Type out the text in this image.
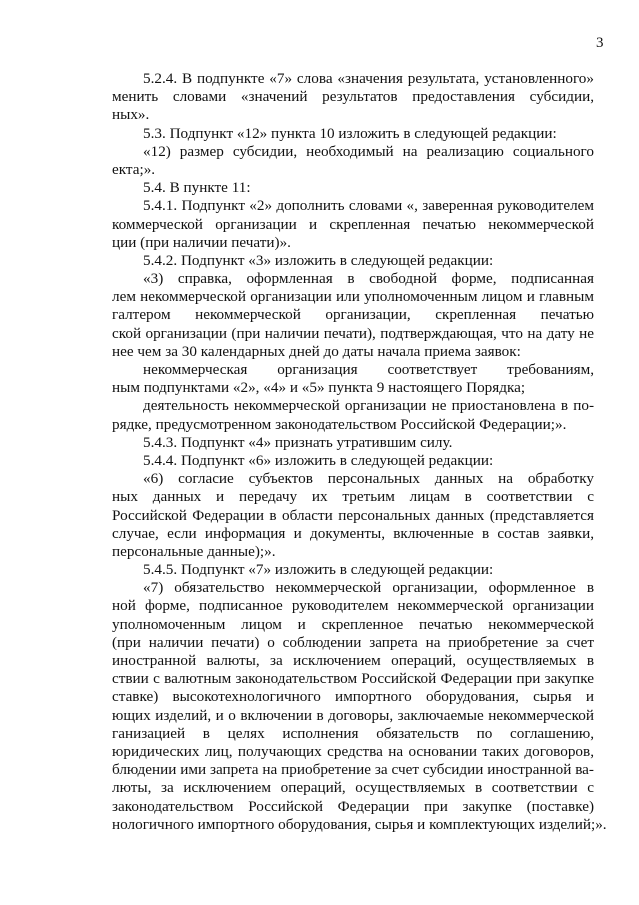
3
5.2.4. В подпункте «7» слова «значения результата, установленного»
менить словами «значений результатов предоставления субсидии,
ных».
5.3. Подпункт «12» пункта 10 изложить в следующей редакции:
«12) размер субсидии, необходимый на реализацию социального
екта;».
5.4. В пункте 11:
5.4.1. Подпункт «2» дополнить словами «, заверенная руководителем
коммерческой организации и скрепленная печатью некоммерческой
ции (при наличии печати)».
5.4.2. Подпункт «3» изложить в следующей редакции:
«3) справка, оформленная в свободной форме, подписанная
лем некоммерческой организации или уполномоченным лицом и главным
галтером некоммерческой организации, скрепленная печатью
ской организации (при наличии печати), подтверждающая, что на дату не
нее чем за 30 календарных дней до даты начала приема заявок:
некоммерческая организация соответствует требованиям,
ным подпунктами «2», «4» и «5» пункта 9 настоящего Порядка;
деятельность некоммерческой организации не приостановлена в по-
рядке, предусмотренном законодательством Российской Федерации;».
5.4.3. Подпункт «4» признать утратившим силу.
5.4.4. Подпункт «6» изложить в следующей редакции:
«6) согласие субъектов персональных данных на обработку
ных данных и передачу их третьим лицам в соответствии с
Российской Федерации в области персональных данных (представляется
случае, если информация и документы, включенные в состав заявки,
персональные данные);».
5.4.5. Подпункт «7» изложить в следующей редакции:
«7) обязательство некоммерческой организации, оформленное в
ной форме, подписанное руководителем некоммерческой организации
уполномоченным лицом и скрепленное печатью некоммерческой
(при наличии печати) о соблюдении запрета на приобретение за счет
иностранной валюты, за исключением операций, осуществляемых в
ствии с валютным законодательством Российской Федерации при закупке
ставке) высокотехнологичного импортного оборудования, сырья и
ющих изделий, и о включении в договоры, заключаемые некоммерческой
ганизацией в целях исполнения обязательств по соглашению,
юридических лиц, получающих средства на основании таких договоров,
блюдении ими запрета на приобретение за счет субсидии иностранной ва-
люты, за исключением операций, осуществляемых в соответствии с
законодательством Российской Федерации при закупке (поставке)
нологичного импортного оборудования, сырья и комплектующих изделий;».
